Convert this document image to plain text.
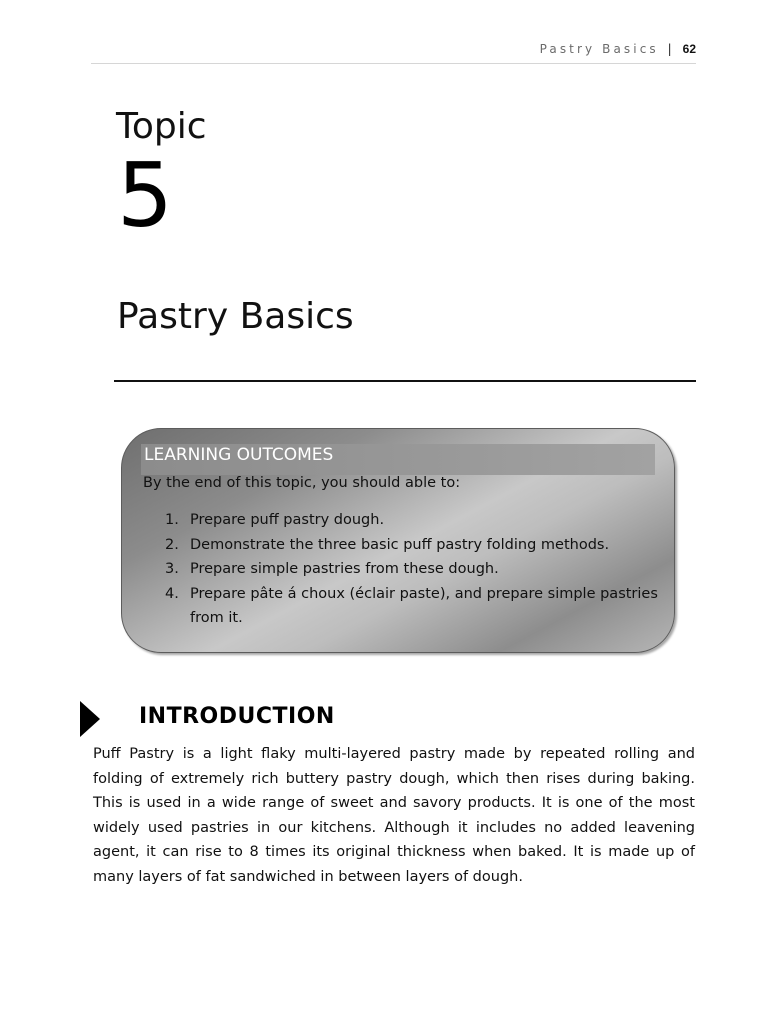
Pastry Basics | 62
Topic
5
Pastry Basics
LEARNING OUTCOMES
By the end of this topic, you should able to:
1. Prepare puff pastry dough.
2. Demonstrate the three basic puff pastry folding methods.
3. Prepare simple pastries from these dough.
4. Prepare pâte á choux (éclair paste), and prepare simple pastries from it.
INTRODUCTION

Puff Pastry is a light flaky multi-layered pastry made by repeated rolling and folding of extremely rich buttery pastry dough, which then rises during baking. This is used in a wide range of sweet and savory products. It is one of the most widely used pastries in our kitchens. Although it includes no added leavening agent, it can rise to 8 times its original thickness when baked. It is made up of many layers of fat sandwiched in between layers of dough.
